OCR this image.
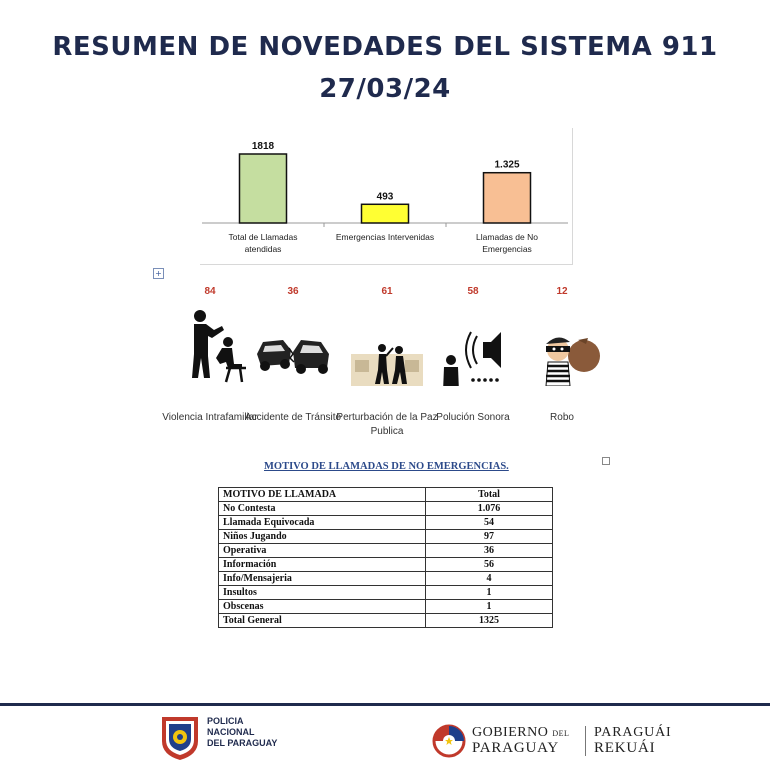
RESUMEN DE NOVEDADES DEL SISTEMA 911
27/03/24
1818
Total de Llamadas
atendidas
493
Emergencias Intervenidas
1.325
Llamadas de No
Emergencias
+
84
Violencia Intrafamiliar
36
Accidente de Tránsito
61
Perturbación de la Paz Publica
58
Polución Sonora
12
Robo
MOTIVO DE LLAMADAS DE NO EMERGENCIAS.
MOTIVO DE LLAMADA	Total
No Contesta	1.076
Llamada Equivocada	54
Niños Jugando	97
Operativa	36
Información	56
Info/Mensajeria	4
Insultos	1
Obscenas	1
Total General	1325
POLICIA
NACIONAL
DEL PARAGUAY
GOBIERNO DEL
PARAGUAY
PARAGUÁI
REKUÁI
